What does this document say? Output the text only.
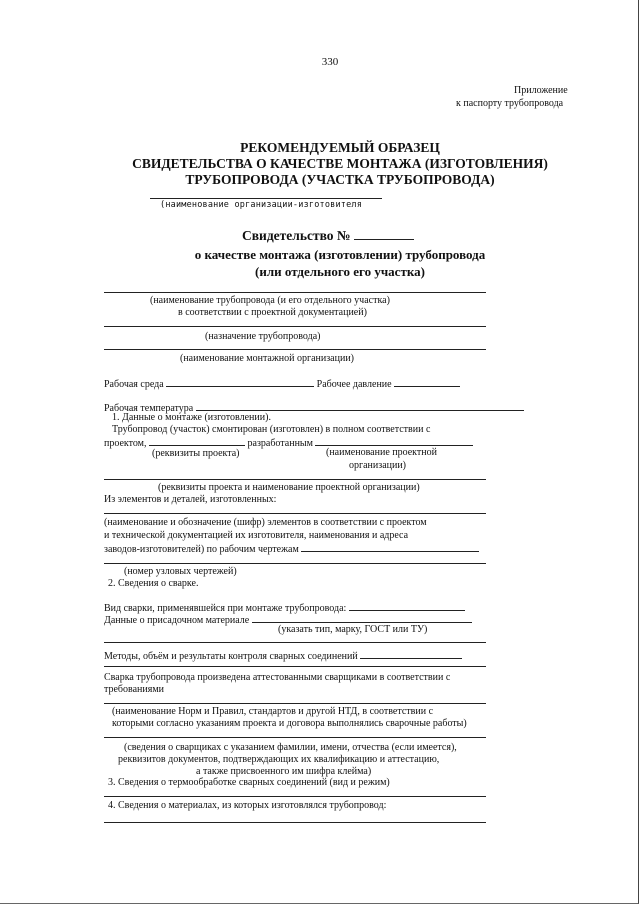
330
Приложение
к паспорту трубопровода
РЕКОМЕНДУЕМЫЙ ОБРАЗЕЦ
СВИДЕТЕЛЬСТВА О КАЧЕСТВЕ МОНТАЖА (ИЗГОТОВЛЕНИЯ)
ТРУБОПРОВОДА (УЧАСТКА ТРУБОПРОВОДА)
(наименование организации-изготовителя
Свидетельство №
о качестве монтажа (изготовлении) трубопровода
(или отдельного его участка)
(наименование трубопровода (и его отдельного участка)
в соответствии с проектной документацией)
(назначение трубопровода)
(наименование монтажной организации)
Рабочая среда	Рабочее давление
Рабочая температура
1. Данные о монтаже (изготовлении).
Трубопровод (участок) смонтирован (изготовлен) в полном соответствии с
проектом,	разработанным
(реквизиты проекта)	(наименование проектной
организации)
(реквизиты проекта и наименование проектной организации)
Из элементов и деталей, изготовленных:
(наименование и обозначение (шифр) элементов в соответствии с проектом
и технической документацией их изготовителя, наименования и адреса
заводов-изготовителей) по рабочим чертежам
(номер узловых чертежей)
2. Сведения о сварке.
Вид сварки, применявшейся при монтаже трубопровода:
Данные о присадочном материале
(указать тип, марку, ГОСТ или ТУ)
Методы, объём и результаты контроля сварных соединений
Сварка трубопровода произведена аттестованными сварщиками в соответствии с
требованиями
(наименование Норм и Правил, стандартов и другой НТД, в соответствии с
которыми согласно указаниям проекта и договора выполнялись сварочные работы)
(сведения о сварщиках с указанием фамилии, имени, отчества (если имеется),
реквизитов документов, подтверждающих их квалификацию и аттестацию,
а также присвоенного им шифра клейма)
3. Сведения о термообработке сварных соединений (вид и режим)
4. Сведения о материалах, из которых изготовлялся трубопровод:
